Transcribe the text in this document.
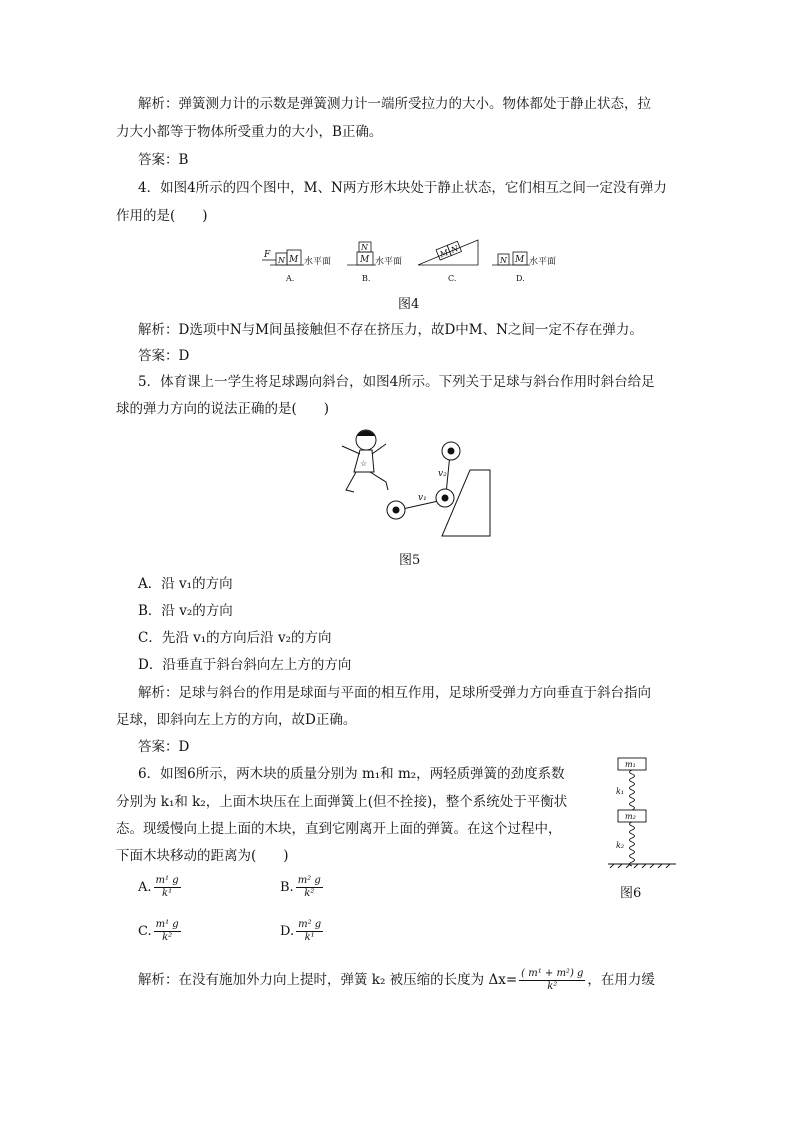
解析：弹簧测力计的示数是弹簧测力计一端所受拉力的大小。物体都处于静止状态，拉
力大小都等于物体所受重力的大小，B正确。
答案：B
4．如图4所示的四个图中，M、N两方形木块处于静止状态，它们相互之间一定没有弹力
作用的是(　　)
F
N M 水平面
A.
N
M 水平面
B.
M N
C.
N M 水平面
D.
图4
解析：D选项中N与M间虽接触但不存在挤压力，故D中M、N之间一定不存在弹力。
答案：D
5．体育课上一学生将足球踢向斜台，如图4所示。下列关于足球与斜台作用时斜台给足
球的弹力方向的说法正确的是(　　)
☆
v₁
v₂
图5
A．沿 v₁的方向
B．沿 v₂的方向
C．先沿 v₁的方向后沿 v₂的方向
D．沿垂直于斜台斜向左上方的方向
解析：足球与斜台的作用是球面与平面的相互作用，足球所受弹力方向垂直于斜台指向
足球，即斜向左上方的方向，故D正确。
答案：D
6．如图6所示，两木块的质量分别为 m₁和 m₂，两轻质弹簧的劲度系数
分别为 k₁和 k₂，上面木块压在上面弹簧上(但不拴接)，整个系统处于平衡状
态。现缓慢向上提上面的木块，直到它刚离开上面的弹簧。在这个过程中，
下面木块移动的距离为(　　)
m₁
m₂
k₁
k₂
图6
A. $\frac{\text{m¹ g}}{\text{k¹}}$	B. $\frac{\text{m² g}}{\text{k²}}$
C. $\frac{\text{m¹ g}}{\text{k²}}$	D. $\frac{\text{m² g}}{\text{k¹}}$
解析：在没有施加外力向上提时，弹簧 k₂ 被压缩的长度为 $\Delta x= \frac{\text{( m¹ + m²) g}}{\text{k²}}$ ，在用力缓
